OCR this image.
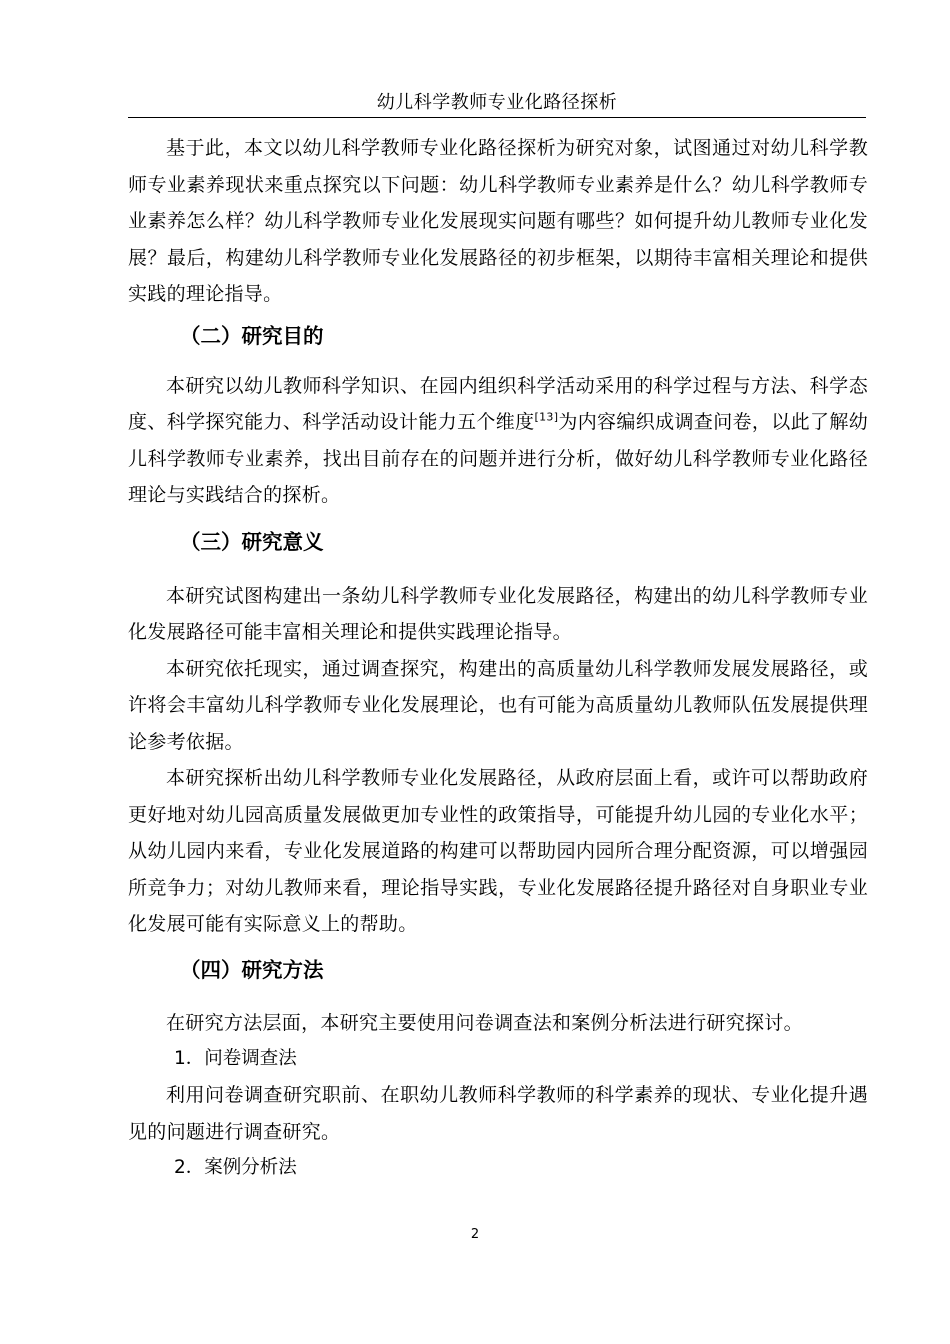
幼儿科学教师专业化路径探析

基于此，本文以幼儿科学教师专业化路径探析为研究对象，试图通过对幼儿科学教师专业素养现状来重点探究以下问题：幼儿科学教师专业素养是什么？幼儿科学教师专业素养怎么样？幼儿科学教师专业化发展现实问题有哪些？如何提升幼儿教师专业化发展？最后，构建幼儿科学教师专业化发展路径的初步框架，以期待丰富相关理论和提供实践的理论指导。

（二）研究目的

本研究以幼儿教师科学知识、在园内组织科学活动采用的科学过程与方法、科学态度、科学探究能力、科学活动设计能力五个维度[13]为内容编织成调查问卷，以此了解幼儿科学教师专业素养，找出目前存在的问题并进行分析，做好幼儿科学教师专业化路径理论与实践结合的探析。

（三）研究意义

本研究试图构建出一条幼儿科学教师专业化发展路径，构建出的幼儿科学教师专业化发展路径可能丰富相关理论和提供实践理论指导。

本研究依托现实，通过调查探究，构建出的高质量幼儿科学教师发展发展路径，或许将会丰富幼儿科学教师专业化发展理论，也有可能为高质量幼儿教师队伍发展提供理论参考依据。

本研究探析出幼儿科学教师专业化发展路径，从政府层面上看，或许可以帮助政府更好地对幼儿园高质量发展做更加专业性的政策指导，可能提升幼儿园的专业化水平；从幼儿园内来看，专业化发展道路的构建可以帮助园内园所合理分配资源，可以增强园所竞争力；对幼儿教师来看，理论指导实践，专业化发展路径提升路径对自身职业专业化发展可能有实际意义上的帮助。

（四）研究方法

在研究方法层面，本研究主要使用问卷调查法和案例分析法进行研究探讨。

1．问卷调查法

利用问卷调查研究职前、在职幼儿教师科学教师的科学素养的现状、专业化提升遇见的问题进行调查研究。

2．案例分析法

2
